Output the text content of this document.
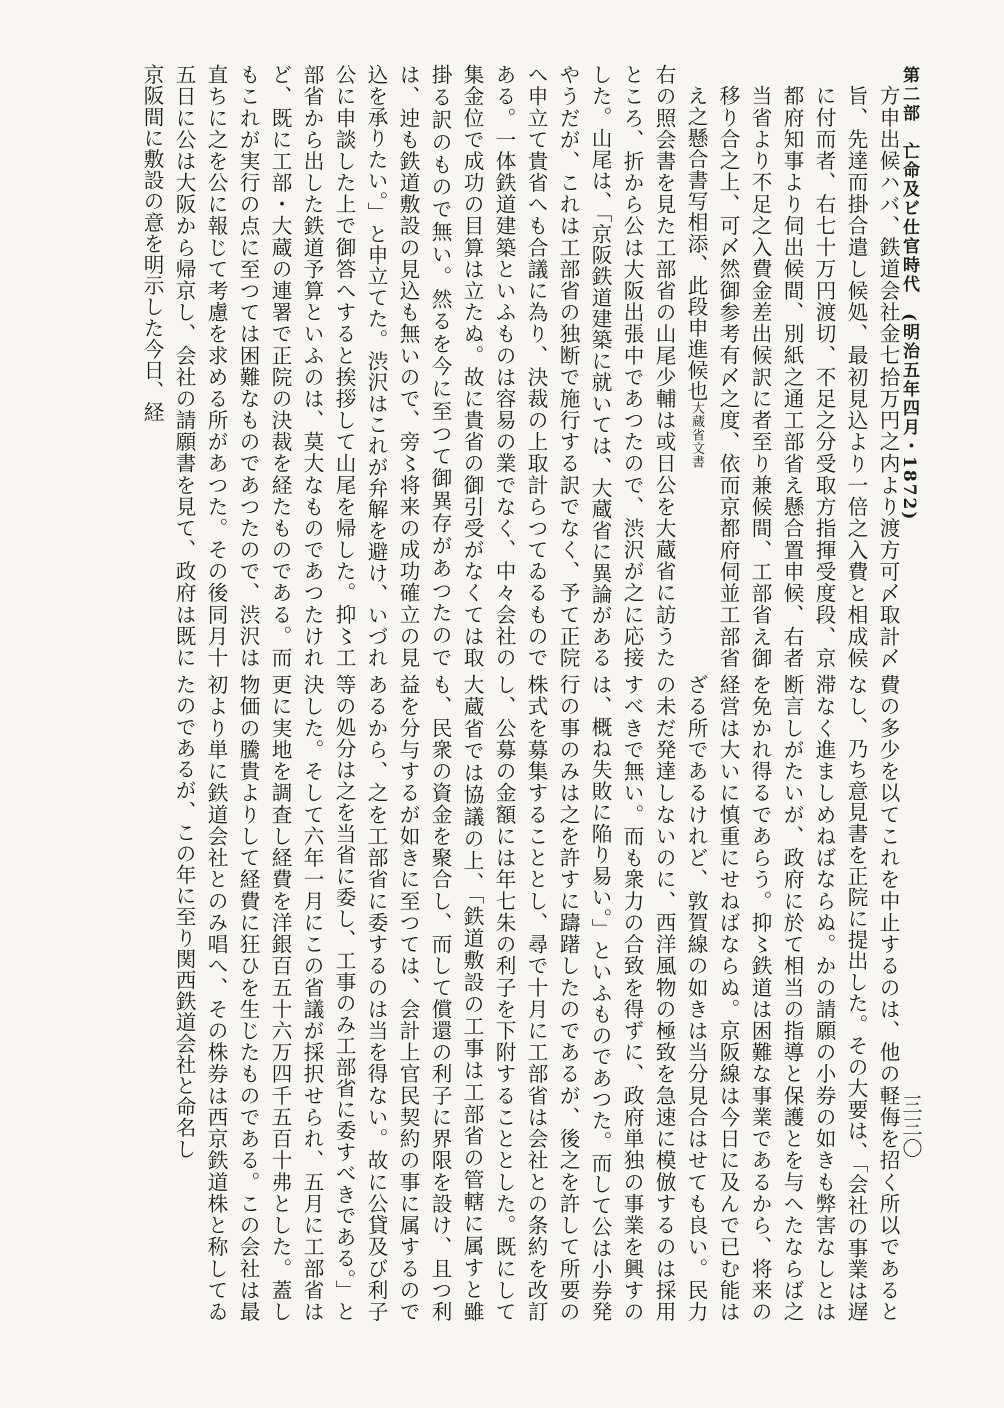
第二部　亡命及ビ仕官時代　(明治五年四月・1872)

方申出候ハバ、鉄道会社金七拾万円之内より渡方可〆取計〆旨、先達而掛合遣し候処、最初見込より一倍之入費と相成候に付而者、右七十万円渡切、不足之分受取方指揮受度段、京都府知事より伺出候間、別紙之通工部省え懸合置申候、右者当省より不足之入費金差出候訳に者至り兼候間、工部省え御移り合之上、可〆然御参考有〆之度、依而京都府伺並工部省え之懸合書写相添、此段申進候也大蔵省文書

右の照会書を見た工部省の山尾少輔は或日公を大蔵省に訪うたところ、折から公は大阪出張中であつたので、渋沢が之に応接した。山尾は、「京阪鉄道建築に就いては、大蔵省に異論があるやうだが、これは工部省の独断で施行する訳でなく、予て正院へ申立て貴省へも合議に為り、決裁の上取計らつてゐるものである。一体鉄道建築といふものは容易の業でなく、中々会社の集金位で成功の目算は立たぬ。故に貴省の御引受がなくては取掛る訳のもので無い。然るを今に至つて御異存があつたのでは、迚も鉄道敷設の見込も無いので、旁〻将来の成功確立の見込を承りたい。」と申立てた。渋沢はこれが弁解を避け、いづれ公に申談した上で御答へすると挨拶して山尾を帰した。抑〻工部省から出した鉄道予算といふのは、莫大なものであつたけれど、既に工部・大蔵の連署で正院の決裁を経たものである。而もこれが実行の点に至つては困難なものであつたので、渋沢は直ちに之を公に報じて考慮を求める所があつた。その後同月十五日に公は大阪から帰京し、会社の請願書を見て、政府は既に京阪間に敷設の意を明示した今日、経

費の多少を以てこれを中止するのは、他の軽侮を招く所以であるとなし、乃ち意見書を正院に提出した。その大要は、「会社の事業は遅滞なく進ましめねばならぬ。かの請願の小券の如きも弊害なしとは断言しがたいが、政府に於て相当の指導と保護とを与へたならば之を免かれ得るであらう。抑〻鉄道は困難な事業であるから、将来の経営は大いに慎重にせねばならぬ。京阪線は今日に及んで已む能はざる所であるけれど、敦賀線の如きは当分見合はせても良い。民力の未だ発達しないのに、西洋風物の極致を急速に模倣するのは採用すべきで無い。而も衆力の合致を得ずに、政府単独の事業を興すのは、概ね失敗に陥り易い。」といふものであつた。而して公は小券発行の事のみは之を許すに躊躇したのであるが、後之を許して所要の株式を募集することとし、尋で十月に工部省は会社との条約を改訂し、公募の金額には年七朱の利子を下附することとした。既にして大蔵省では協議の上、「鉄道敷設の工事は工部省の管轄に属すと雖も、民衆の資金を聚合し、而して償還の利子に界限を設け、且つ利益を分与するが如きに至つては、会計上官民契約の事に属するのであるから、之を工部省に委するのは当を得ない。故に公貸及び利子等の処分は之を当省に委し、工事のみ工部省に委すべきである。」と決した。そして六年一月にこの省議が採択せられ、五月に工部省は更に実地を調査し経費を洋銀百五十六万四千五百十弗とした。蓋し物価の騰貴よりして経費に狂ひを生じたものである。この会社は最初より単に鉄道会社とのみ唱へ、その株券は西京鉄道株と称してゐたのであるが、この年に至り関西鉄道会社と命名し	三三〇
